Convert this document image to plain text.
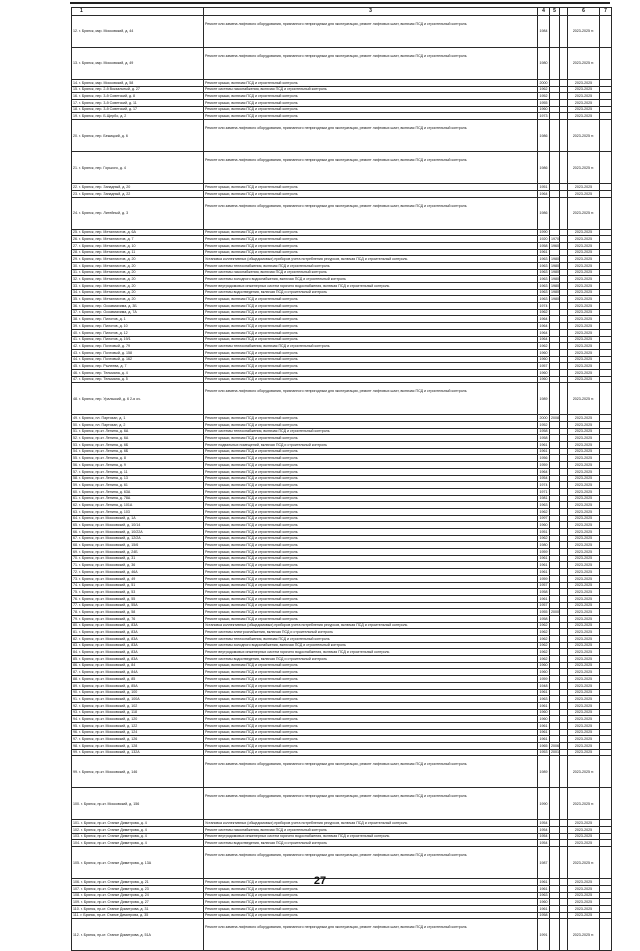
1	3	4	5		6	7
12. г. Брянск, мкр. Московский, д. 44	Ремонт или замена лифтового оборудования, признанного непригодным для эксплуатации, ремонт лифтовых шахт, включая ПСД и строительный контроль	1984			2023-2025 гг.	
13. г. Брянск, мкр. Московский, д. 49	Ремонт или замена лифтового оборудования, признанного непригодным для эксплуатации, ремонт лифтовых шахт, включая ПСД и строительный контроль	1980			2023-2025 гг.	
14. г. Брянск, мкр. Московский, д. 58	Ремонт крыши, включая ПСД и строительный контроль	2000			2023-2025	
15. г. Брянск, пер. 2-й Вокзальный, д. 27	Ремонт системы газоснабжения, включая ПСД и строительный контроль	1962			2023-2025	
16. г. Брянск, пер. 3-й Советский, д. 8	Ремонт крыши, включая ПСД и строительный контроль	1952			2023-2025	
17. г. Брянск, пер. 3-й Советский, д. 11	Ремонт крыши, включая ПСД и строительный контроль	1955			2023-2025	
18. г. Брянск, пер. 3-й Советский, д. 17	Ремонт крыши, включая ПСД и строительный контроль	1960			2023-2025	
19. г. Брянск, пер. Б.Щербо, д. 2	Ремонт крыши, включая ПСД и строительный контроль	1973			2023-2025	
20. г. Брянск, пер. Бежицкий, д. 6	Ремонт или замена лифтового оборудования, признанного непригодным для эксплуатации, ремонт лифтовых шахт, включая ПСД и строительный контроль	1986			2023-2025 гг.	
21. г. Брянск, пер. Горького, д. 4	Ремонт или замена лифтового оборудования, признанного непригодным для эксплуатации, ремонт лифтовых шахт, включая ПСД и строительный контроль	1986			2023-2025 гг.	
22. г. Брянск, пер. Западный, д. 20	Ремонт крыши, включая ПСД и строительный контроль	1951			2023-2025	
23. г. Брянск, пер. Западный, д. 22	Ремонт крыши, включая ПСД и строительный контроль	1964			2023-2025	
24. г. Брянск, пер. Литейный, д. 3	Ремонт или замена лифтового оборудования, признанного непригодным для эксплуатации, ремонт лифтовых шахт, включая ПСД и строительный контроль	1986			2023-2025 гг.	
25. г. Брянск, пер. Металлистов, д. 6А	Ремонт крыши, включая ПСД и строительный контроль	1990			2023-2025	
26. г. Брянск, пер. Металлистов, д. 7	Ремонт крыши, включая ПСД и строительный контроль	1920	1970		2023-2025	
27. г. Брянск, пер. Металлистов, д. 10	Ремонт крыши, включая ПСД и строительный контроль	1958	1960		2023-2025	
28. г. Брянск, пер. Металлистов, д. 11	Ремонт крыши, включая ПСД и строительный контроль	1961			2023-2025	
29. г. Брянск, пер. Металлистов, д. 20	Установка коллективных (общедомовых) приборов учета потребления ресурсов, включая ПСД и строительный контроль	1963	1980		2023-2025	
30. г. Брянск, пер. Металлистов, д. 20	Ремонт системы теплоснабжения, включая ПСД и строительный контроль	1963	1980		2023-2025	
31. г. Брянск, пер. Металлистов, д. 20	Ремонт системы газоснабжения, включая ПСД и строительный контроль	1963	1980		2023-2025	
32. г. Брянск, пер. Металлистов, д. 20	Ремонт системы холодного водоснабжения, включая ПСД и строительный контроль	1963	1980		2023-2025	
33. г. Брянск, пер. Металлистов, д. 20	Ремонт внутридомовых инженерных систем горячего водоснабжения, включая ПСД и строительный контроль	1963	1980		2023-2025	
34. г. Брянск, пер. Металлистов, д. 20	Ремонт системы водоотведения, включая ПСД и строительный контроль	1963	1980		2023-2025	
35. г. Брянск, пер. Металлистов, д. 20	Ремонт крыши, включая ПСД и строительный контроль	1963	1980		2023-2025	
36. г. Брянск, пер. Осоавиахима, д. 3Б	Ремонт крыши, включая ПСД и строительный контроль	1974			2023-2025	
37. г. Брянск, пер. Осоавиахима, д. 7А	Ремонт крыши, включая ПСД и строительный контроль	1962			2023-2025	
38. г. Брянск, пер. Пилотов, д. 1	Ремонт крыши, включая ПСД и строительный контроль	1964			2023-2025	
39. г. Брянск, пер. Пилотов, д. 10	Ремонт крыши, включая ПСД и строительный контроль	1964			2023-2025	
40. г. Брянск, пер. Пилотов, д. 12	Ремонт крыши, включая ПСД и строительный контроль	1964			2023-2025	
41. г. Брянск, пер. Пилотов, д. 19/1	Ремонт крыши, включая ПСД и строительный контроль	1964			2023-2025	
42. г. Брянск, пер. Почтовый, д. 79	Ремонт системы теплоснабжения, включая ПСД и строительный контроль	1962			2023-2025	
43. г. Брянск, пер. Почтовый, д. 158	Ремонт крыши, включая ПСД и строительный контроль	1960			2023-2025	
44. г. Брянск, пер. Почтовый, д. 162	Ремонт крыши, включая ПСД и строительный контроль	1960			2023-2025	
45. г. Брянск, пер. Рылеева, д. 7	Ремонт крыши, включая ПСД и строительный контроль	1957			2023-2025	
46. г. Брянск, пер. Тельмана, д. 4	Ремонт крыши, включая ПСД и строительный контроль	1960			2023-2025	
47. г. Брянск, пер. Тельмана, д. 5	Ремонт крыши, включая ПСД и строительный контроль	1960			2023-2025	
48. г. Брянск, пер. Уральский, д. 6 2-я оч.	Ремонт или замена лифтового оборудования, признанного непригодным для эксплуатации, ремонт лифтовых шахт, включая ПСД и строительный контроль	1989			2023-2025 гг.	
49. г. Брянск, пл. Партизан, д. 1	Ремонт крыши, включая ПСД и строительный контроль	2000	2008		2023-2025	
50. г. Брянск, пл. Партизан, д. 2	Ремонт крыши, включая ПСД и строительный контроль	1952			2023-2025	
51. г. Брянск, пр-кт. Ленина, д. 6А	Ремонт системы теплоснабжения, включая ПСД и строительный контроль	1958			2023-2025	
52. г. Брянск, пр-кт. Ленина, д. 6А	Ремонт крыши, включая ПСД и строительный контроль	1958			2023-2025	
53. г. Брянск, пр-кт. Ленина, д. 6Б	Ремонт подвальных помещений, включая ПСД и строительный контроль	1961			2023-2025	
54. г. Брянск, пр-кт. Ленина, д. 6Б	Ремонт крыши, включая ПСД и строительный контроль	1961			2023-2025	
55. г. Брянск, пр-кт. Ленина, д. 8	Ремонт крыши, включая ПСД и строительный контроль	1956			2023-2025	
56. г. Брянск, пр-кт. Ленина, д. 9	Ремонт крыши, включая ПСД и строительный контроль	1959			2023-2025	
57. г. Брянск, пр-кт. Ленина, д. 11	Ремонт крыши, включая ПСД и строительный контроль	1964			2023-2025	
58. г. Брянск, пр-кт. Ленина, д. 13	Ремонт крыши, включая ПСД и строительный контроль	1954			2023-2025	
59. г. Брянск, пр-кт. Ленина, д. 61	Ремонт крыши, включая ПСД и строительный контроль	1974			2023-2025	
60. г. Брянск, пр-кт. Ленина, д. 63А	Ремонт крыши, включая ПСД и строительный контроль	1971			2023-2025	
61. г. Брянск, пр-кт. Ленина, д. 78А	Ремонт крыши, включая ПСД и строительный контроль	1981			2023-2025	
62. г. Брянск, пр-кт. Ленина, д. 101А	Ремонт крыши, включая ПСД и строительный контроль	1963			2023-2025	
63. г. Брянск, пр-кт. Ленина, д. 103	Ремонт крыши, включая ПСД и строительный контроль	1962			2023-2025	
64. г. Брянск, пр-кт. Московский, д. 1А	Ремонт крыши, включая ПСД и строительный контроль	1997			2023-2025	
65. г. Брянск, пр-кт. Московский, д. 10/14	Ремонт крыши, включая ПСД и строительный контроль	1960			2023-2025	
66. г. Брянск, пр-кт. Московский, д. 10/22А	Ремонт крыши, включая ПСД и строительный контроль	1951			2023-2025	
67. г. Брянск, пр-кт. Московский, д. 12/2А	Ремонт крыши, включая ПСД и строительный контроль	1962			2023-2025	
68. г. Брянск, пр-кт. Московский, д. 15/6	Ремонт крыши, включая ПСД и строительный контроль	1980			2023-2025	
69. г. Брянск, пр-кт. Московский, д. 24Б	Ремонт крыши, включая ПСД и строительный контроль	1959			2023-2025	
70. г. Брянск, пр-кт. Московский, д. 31	Ремонт крыши, включая ПСД и строительный контроль	1961			2023-2025	
71. г. Брянск, пр-кт. Московский, д. 36	Ремонт крыши, включая ПСД и строительный контроль	1961			2023-2025	
72. г. Брянск, пр-кт. Московский, д. 46А	Ремонт крыши, включая ПСД и строительный контроль	1961			2023-2025	
73. г. Брянск, пр-кт. Московский, д. 49	Ремонт крыши, включая ПСД и строительный контроль	1959			2023-2025	
74. г. Брянск, пр-кт. Московский, д. 51	Ремонт крыши, включая ПСД и строительный контроль	1957			2023-2025	
75. г. Брянск, пр-кт. Московский, д. 53	Ремонт крыши, включая ПСД и строительный контроль	1958			2023-2025	
76. г. Брянск, пр-кт. Московский, д. 55	Ремонт крыши, включая ПСД и строительный контроль	1961			2023-2025	
77. г. Брянск, пр-кт. Московский, д. 55А	Ремонт крыши, включая ПСД и строительный контроль	1957			2023-2025	
78. г. Брянск, пр-кт. Московский, д. 58	Ремонт крыши, включая ПСД и строительный контроль	1955	2000		2023-2025	
79. г. Брянск, пр-кт. Московский, д. 76	Ремонт крыши, включая ПСД и строительный контроль	1958			2023-2025	
80. г. Брянск, пр-кт. Московский, д. 83А	Установка коллективных (общедомовых) приборов учета потребления ресурсов, включая ПСД и строительный контроль	1962			2023-2025	
81. г. Брянск, пр-кт. Московский, д. 83А	Ремонт системы электроснабжения, включая ПСД и строительный контроль	1962			2023-2025	
82. г. Брянск, пр-кт. Московский, д. 83А	Ремонт системы теплоснабжения, включая ПСД и строительный контроль	1962			2023-2025	
83. г. Брянск, пр-кт. Московский, д. 83А	Ремонт системы холодного водоснабжения, включая ПСД и строительный контроль	1962			2023-2025	
84. г. Брянск, пр-кт. Московский, д. 83А	Ремонт внутридомовых инженерных систем горячего водоснабжения, включая ПСД и строительный контроль	1962			2023-2025	
85. г. Брянск, пр-кт. Московский, д. 83А	Ремонт системы водоотведения, включая ПСД и строительный контроль	1962			2023-2025	
86. г. Брянск, пр-кт. Московский, д. 84	Ремонт крыши, включая ПСД и строительный контроль	1960			2023-2025	
87. г. Брянск, пр-кт. Московский, д. 84А	Ремонт крыши, включая ПСД и строительный контроль	1960			2023-2025	
88. г. Брянск, пр-кт. Московский, д. 85	Ремонт крыши, включая ПСД и строительный контроль	1959			2023-2025	
89. г. Брянск, пр-кт. Московский, д. 85А	Ремонт крыши, включая ПСД и строительный контроль	1948			2023-2025	
90. г. Брянск, пр-кт. Московский, д. 100	Ремонт крыши, включая ПСД и строительный контроль	1961			2023-2025	
91. г. Брянск, пр-кт. Московский, д. 100А	Ремонт крыши, включая ПСД и строительный контроль	1963			2023-2025	
92. г. Брянск, пр-кт. Московский, д. 102	Ремонт крыши, включая ПСД и строительный контроль	1961			2023-2025	
93. г. Брянск, пр-кт. Московский, д. 118	Ремонт крыши, включая ПСД и строительный контроль	1960			2023-2025	
94. г. Брянск, пр-кт. Московский, д. 120	Ремонт крыши, включая ПСД и строительный контроль	1960			2023-2025	
95. г. Брянск, пр-кт. Московский, д. 122	Ремонт крыши, включая ПСД и строительный контроль	1961			2023-2025	
96. г. Брянск, пр-кт. Московский, д. 124	Ремонт крыши, включая ПСД и строительный контроль	1961			2023-2025	
97. г. Брянск, пр-кт. Московский, д. 126	Ремонт крыши, включая ПСД и строительный контроль	1961			2023-2025	
98. г. Брянск, пр-кт. Московский, д. 128	Ремонт крыши, включая ПСД и строительный контроль	1965	2006		2023-2025	
99. г. Брянск, пр-кт. Московский, д. 132А	Ремонт крыши, включая ПСД и строительный контроль	1953	2001		2023-2025	
99. г. Брянск, пр-кт. Московский, д. 146	Ремонт или замена лифтового оборудования, признанного непригодным для эксплуатации, ремонт лифтовых шахт, включая ПСД и строительный контроль	1989			2023-2025 гг.	
100. г. Брянск, пр-кт. Московский, д. 156	Ремонт или замена лифтового оборудования, признанного непригодным для эксплуатации, ремонт лифтовых шахт, включая ПСД и строительный контроль	1990			2023-2025 гг.	
101. г. Брянск, пр-кт. Станке Димитрова, д. 4	Установка коллективных (общедомовых) приборов учета потребления ресурсов, включая ПСД и строительный контроль	1954			2023-2025	
102. г. Брянск, пр-кт. Станке Димитрова, д. 4	Ремонт системы газоснабжения, включая ПСД и строительный контроль	1954			2023-2025	
103. г. Брянск, пр-кт. Станке Димитрова, д. 4	Ремонт внутридомовых инженерных систем горячего водоснабжения, включая ПСД и строительный контроль	1954			2023-2025	
104. г. Брянск, пр-кт. Станке Димитрова, д. 4	Ремонт системы водоотведения, включая ПСД и строительный контроль	1954			2023-2025	
105. г. Брянск, пр-кт. Станке Димитрова, д. 13А	Ремонт или замена лифтового оборудования, признанного непригодным для эксплуатации, ремонт лифтовых шахт, включая ПСД и строительный контроль	1987			2023-2025 гг.	
106. г. Брянск, пр-кт. Станке Димитрова, д. 21	Ремонт крыши, включая ПСД и строительный контроль	1961			2023-2025	
107. г. Брянск, пр-кт. Станке Димитрова, д. 23	Ремонт крыши, включая ПСД и строительный контроль	1961			2023-2025	
108. г. Брянск, пр-кт. Станке Димитрова, д. 24	Ремонт крыши, включая ПСД и строительный контроль	1963			2023-2025	
109. г. Брянск, пр-кт. Станке Димитрова, д. 27	Ремонт крыши, включая ПСД и строительный контроль	1960			2023-2025	
110. г. Брянск, пр-кт. Станке Димитрова, д. 31	Ремонт крыши, включая ПСД и строительный контроль	1961			2023-2025	
111. г. Брянск, пр-кт. Станке Димитрова, д. 35	Ремонт крыши, включая ПСД и строительный контроль	1958			2023-2025	
112. г. Брянск, пр-кт. Станке Димитрова, д. 51А	Ремонт или замена лифтового оборудования, признанного непригодным для эксплуатации, ремонт лифтовых шахт, включая ПСД и строительный контроль	1991			2023-2025 гг.	
27
